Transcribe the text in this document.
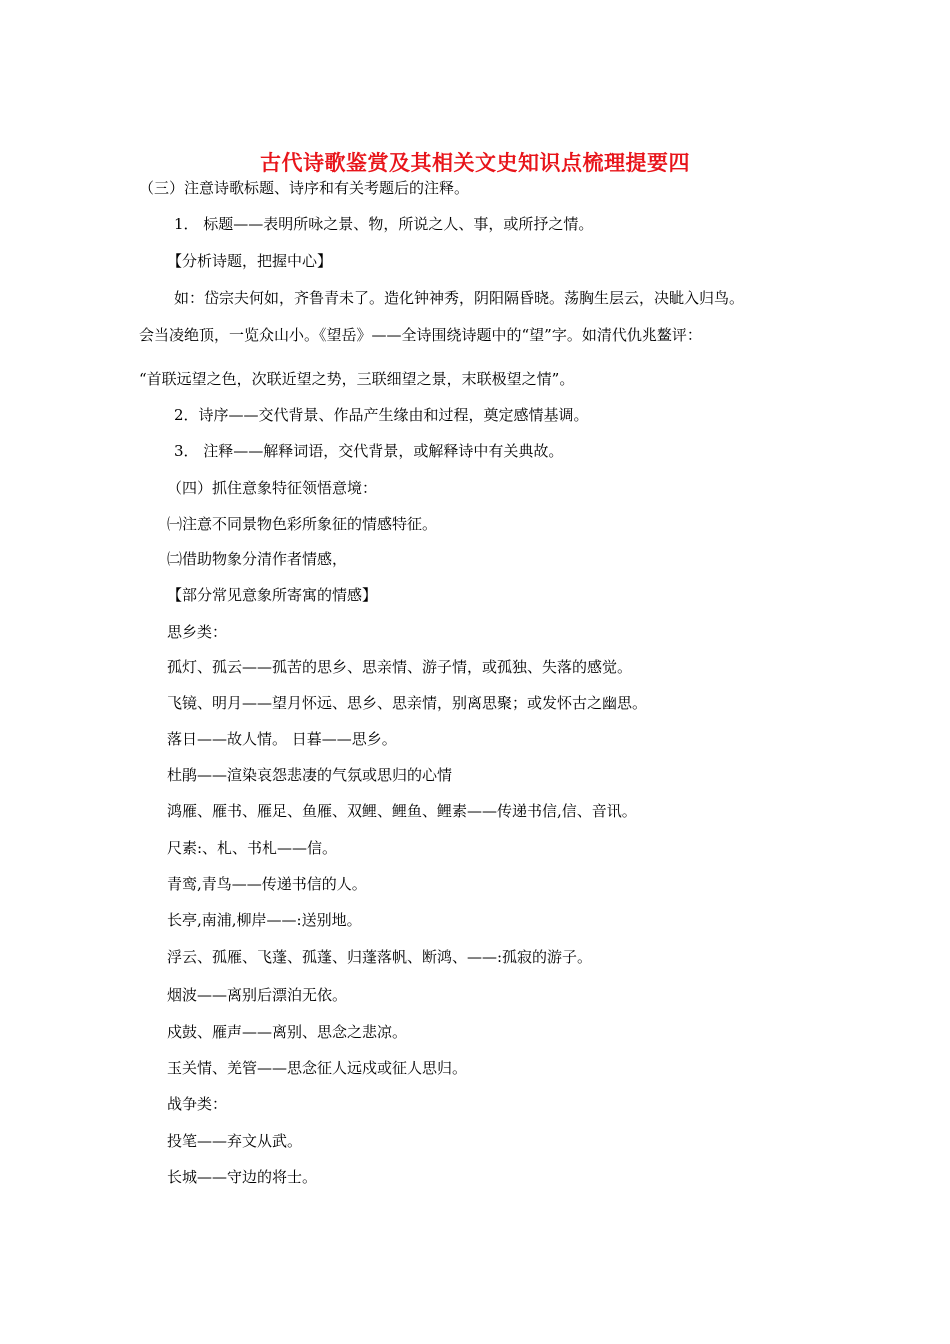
古代诗歌鉴赏及其相关文史知识点梳理提要四
（三）注意诗歌标题、诗序和有关考题后的注释。
1． 标题——表明所咏之景、物，所说之人、事，或所抒之情。
【分析诗题，把握中心】
如：岱宗夫何如，齐鲁青未了。造化钟神秀，阴阳隔昏晓。荡胸生层云，决眦入归鸟。
会当凌绝顶，一览众山小。《望岳》——全诗围绕诗题中的“望”字。如清代仇兆鳌评：
“首联远望之色，次联近望之势，三联细望之景，末联极望之情”。
2．诗序——交代背景、作品产生缘由和过程，奠定感情基调。
3． 注释——解释词语，交代背景，或解释诗中有关典故。
（四）抓住意象特征领悟意境：
㈠注意不同景物色彩所象征的情感特征。
㈡借助物象分清作者情感，
【部分常见意象所寄寓的情感】
思乡类：
孤灯、孤云——孤苦的思乡、思亲情、游子情，或孤独、失落的感觉。
飞镜、明月——望月怀远、思乡、思亲情，别离思聚；或发怀古之幽思。
落日——故人情。 日暮——思乡。
杜鹃——渲染哀怨悲凄的气氛或思归的心情
鸿雁、雁书、雁足、鱼雁、双鲤、鲤鱼、鲤素——传递书信,信、音讯。
尺素:、札、书札——信。
青鸾,青鸟——传递书信的人。
长亭,南浦,柳岸——:送别地。
浮云、孤雁、飞蓬、孤蓬、归蓬落帆、断鸿、——:孤寂的游子。
烟波——离别后漂泊无依。
戍鼓、雁声——离别、思念之悲凉。
玉关情、羌管——思念征人远戍或征人思归。
战争类：
投笔——弃文从武。
长城——守边的将士。
